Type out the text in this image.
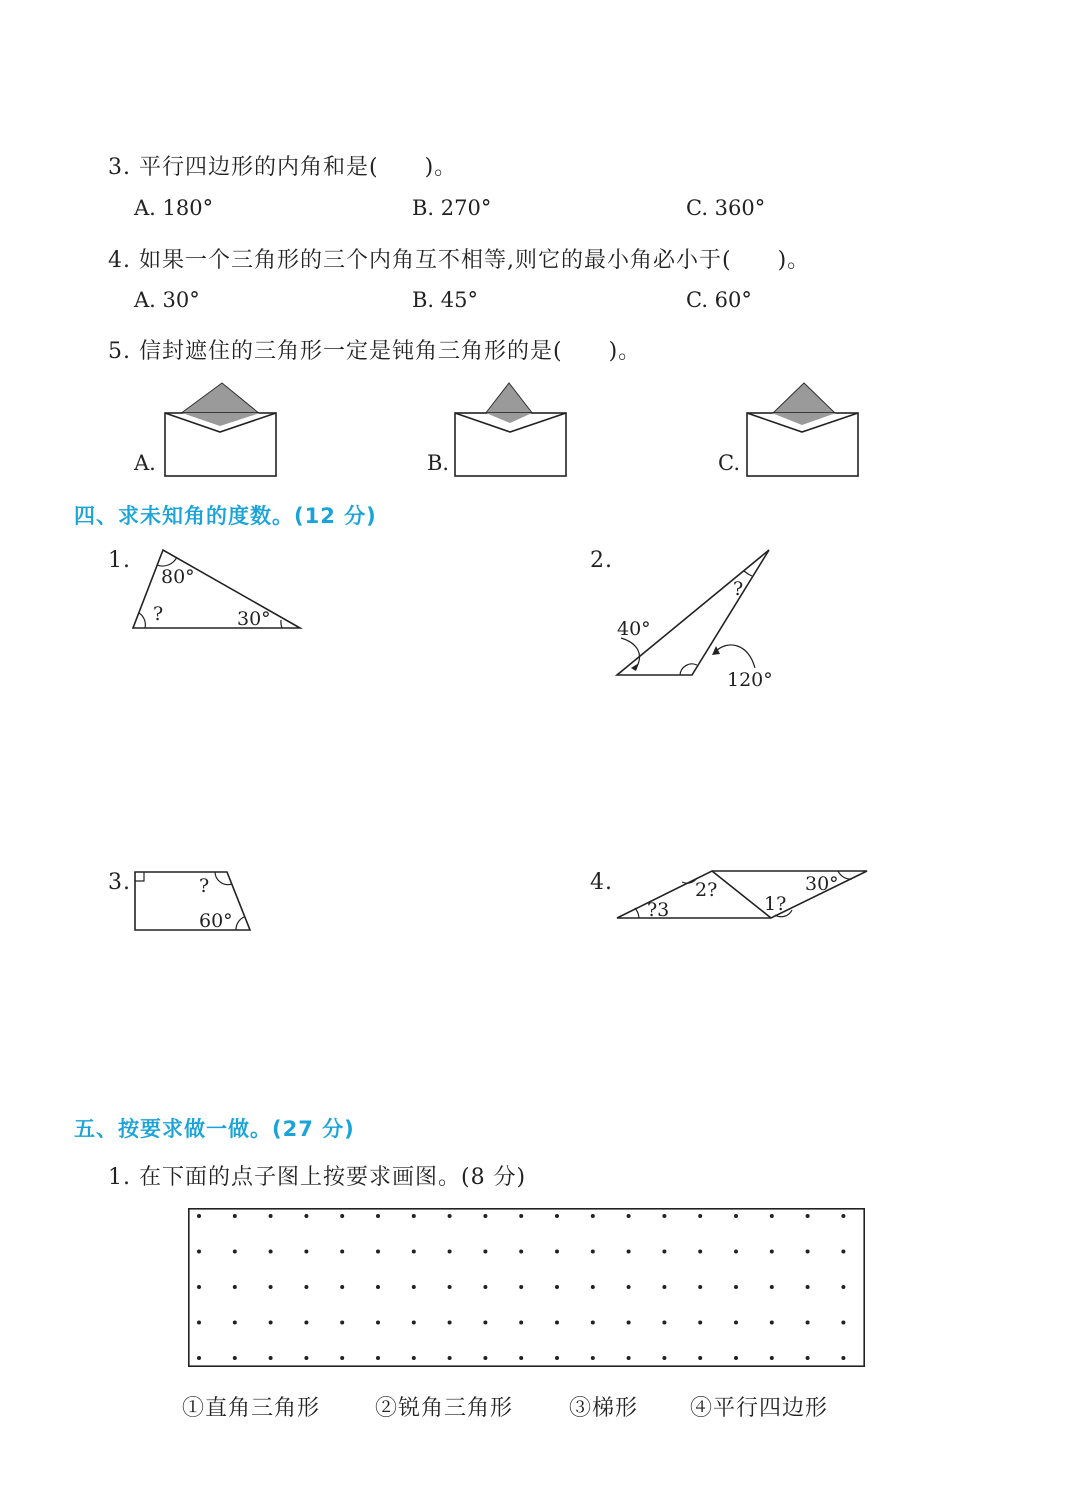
3. 平行四边形的内角和是(　　)。
A. 180°	B. 270°	C. 360°
4. 如果一个三角形的三个内角互不相等,则它的最小角必小于(　　)。
A. 30°	B. 45°	C. 60°
5. 信封遮住的三角形一定是钝角三角形的是(　　)。
A.	B.	C.
四、求未知角的度数。(12 分)
1.
80°
?	30°
2.
?
40°
120°
3.	?
60°
4.	2?	30°
?3	1?
五、按要求做一做。(27 分)
1. 在下面的点子图上按要求画图。(8 分)
①直角三角形 ②锐角三角形	③梯形 ④平行四边形
